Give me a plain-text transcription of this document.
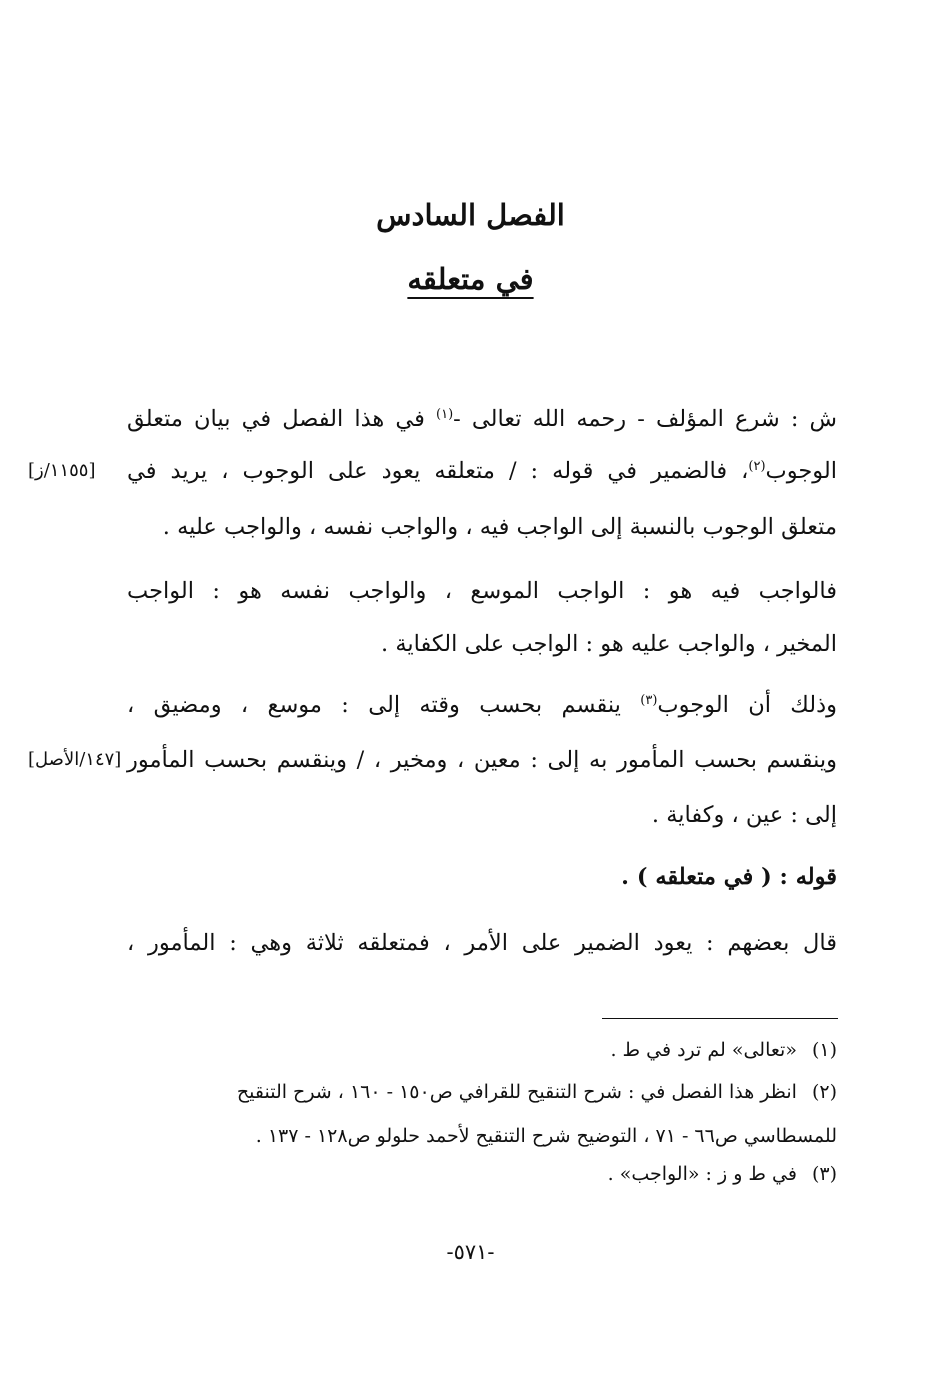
الفصل السادس
في متعلقه
ش : شرع المؤلف - رحمه الله تعالى -$^{(١)}$ في هذا الفصل في بيان متعلق
الوجوب$^{(٢)}$، فالضمير في قوله : / متعلقه يعود على الوجوب ، يريد في
[١١٥٥/ز]
متعلق الوجوب بالنسبة إلى الواجب فيه ، والواجب نفسه ، والواجب عليه .
فالواجب فيه هو : الواجب الموسع ، والواجب نفسه هو : الواجب
المخير ، والواجب عليه هو : الواجب على الكفاية .
وذلك أن الوجوب$^{(٣)}$ ينقسم بحسب وقته إلى : موسع ، ومضيق ،
وينقسم بحسب المأمور به إلى : معين ، ومخير ، / وينقسم بحسب المأمور
[١٤٧/الأصل]
إلى : عين ، وكفاية .
قوله : ( في متعلقه ) .
قال بعضهم : يعود الضمير على الأمر ، فمتعلقه ثلاثة وهي : المأمور ،
(١) «تعالى» لم ترد في ط .
(٢) انظر هذا الفصل في : شرح التنقيح للقرافي ص١٥٠ - ١٦٠ ، شرح التنقيح
للمسطاسي ص٦٦ - ٧١ ، التوضيح شرح التنقيح لأحمد حلولو ص١٢٨ - ١٣٧ .
(٣) في ط و ز : «الواجب» .
-٥٧١-
